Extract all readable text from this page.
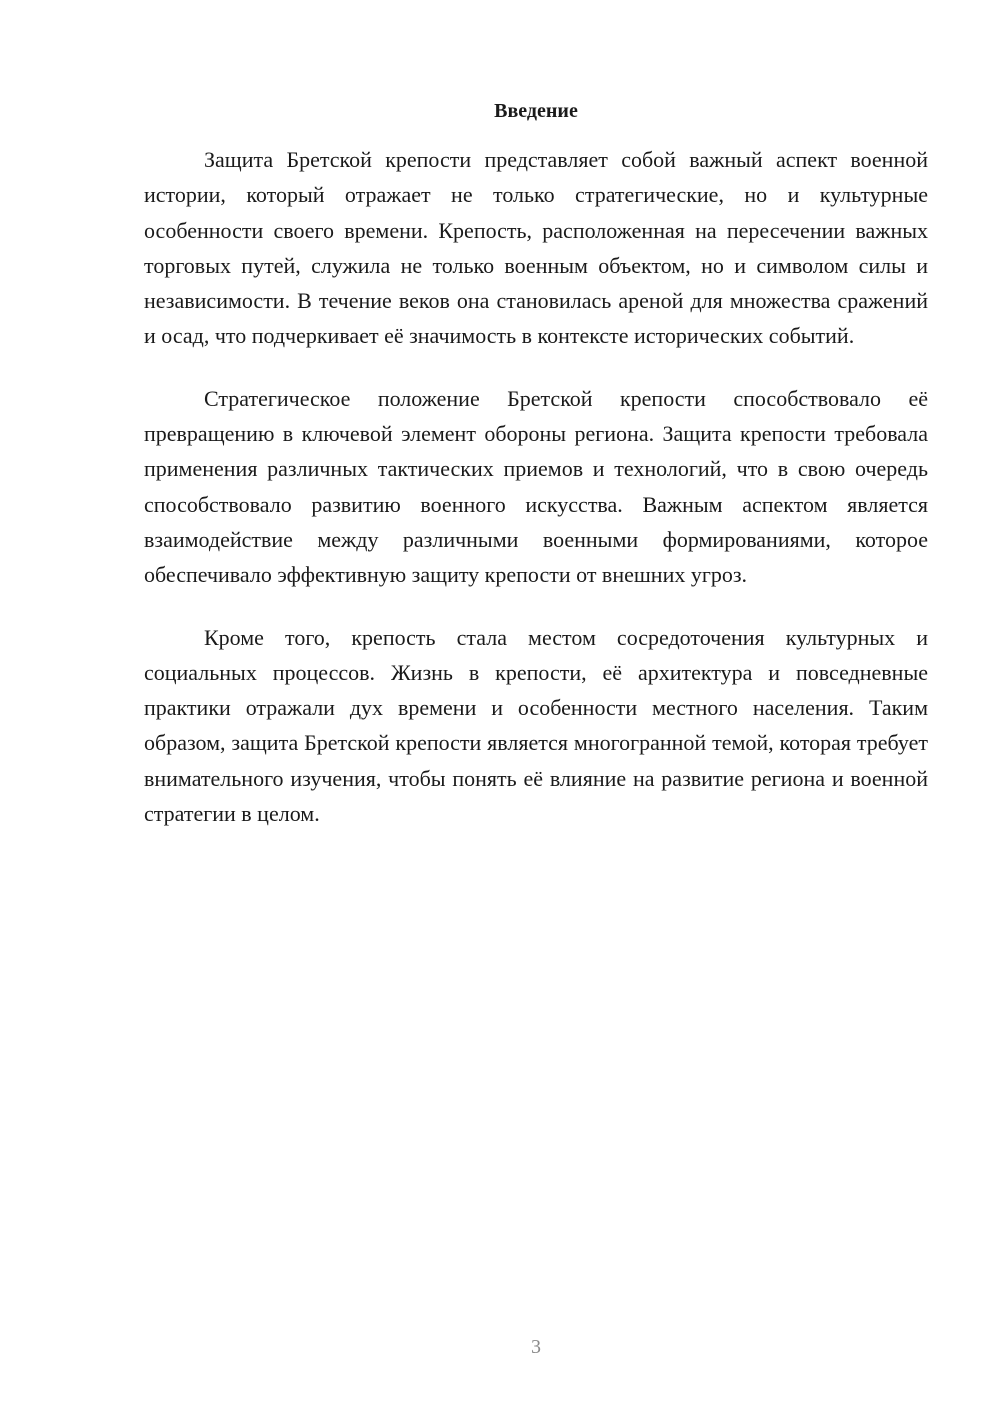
Введение

Защита Бретской крепости представляет собой важный аспект военной истории, который отражает не только стратегические, но и культурные особенности своего времени. Крепость, расположенная на пересечении важных торговых путей, служила не только военным объектом, но и символом силы и независимости. В течение веков она становилась ареной для множества сражений и осад, что подчеркивает её значимость в контексте исторических событий.

Стратегическое положение Бретской крепости способствовало её превращению в ключевой элемент обороны региона. Защита крепости требовала применения различных тактических приемов и технологий, что в свою очередь способствовало развитию военного искусства. Важным аспектом является взаимодействие между различными военными формированиями, которое обеспечивало эффективную защиту крепости от внешних угроз.

Кроме того, крепость стала местом сосредоточения культурных и социальных процессов. Жизнь в крепости, её архитектура и повседневные практики отражали дух времени и особенности местного населения. Таким образом, защита Бретской крепости является многогранной темой, которая требует внимательного изучения, чтобы понять её влияние на развитие региона и военной стратегии в целом.

3
